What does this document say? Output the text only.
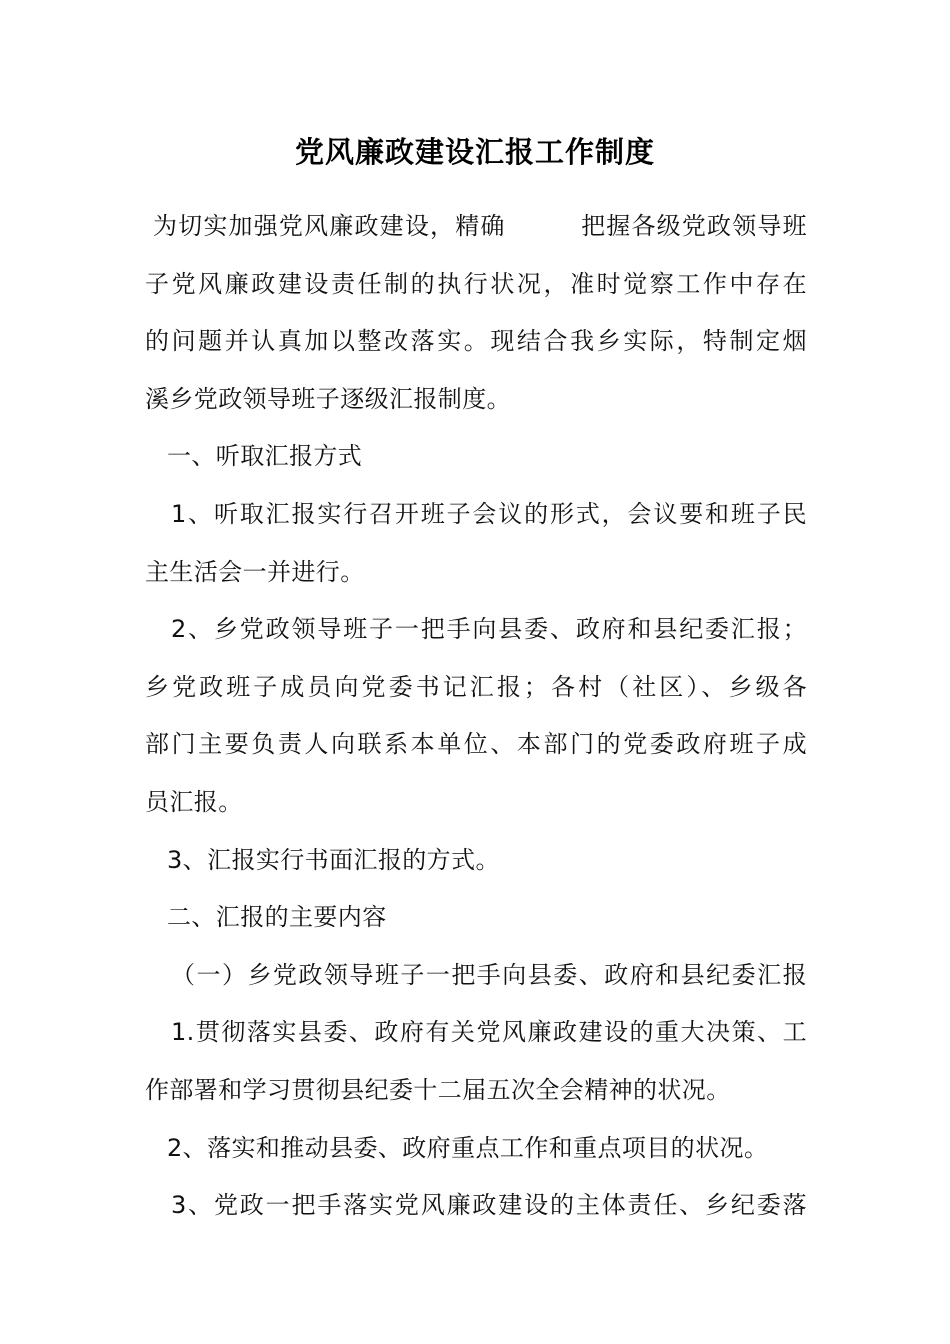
党风廉政建设汇报工作制度
为切实加强党风廉政建设，精确　　　把握各级党政领导班
子党风廉政建设责任制的执行状况，准时觉察工作中存在
的问题并认真加以整改落实。现结合我乡实际，特制定烟
溪乡党政领导班子逐级汇报制度。
一、听取汇报方式
1、听取汇报实行召开班子会议的形式，会议要和班子民
主生活会一并进行。
2、乡党政领导班子一把手向县委、政府和县纪委汇报；
乡党政班子成员向党委书记汇报；各村（社区）、乡级各
部门主要负责人向联系本单位、本部门的党委政府班子成
员汇报。
3、汇报实行书面汇报的方式。
二、汇报的主要内容
（一）乡党政领导班子一把手向县委、政府和县纪委汇报
1.贯彻落实县委、政府有关党风廉政建设的重大决策、工
作部署和学习贯彻县纪委十二届五次全会精神的状况。
2、落实和推动县委、政府重点工作和重点项目的状况。
3、党政一把手落实党风廉政建设的主体责任、乡纪委落
